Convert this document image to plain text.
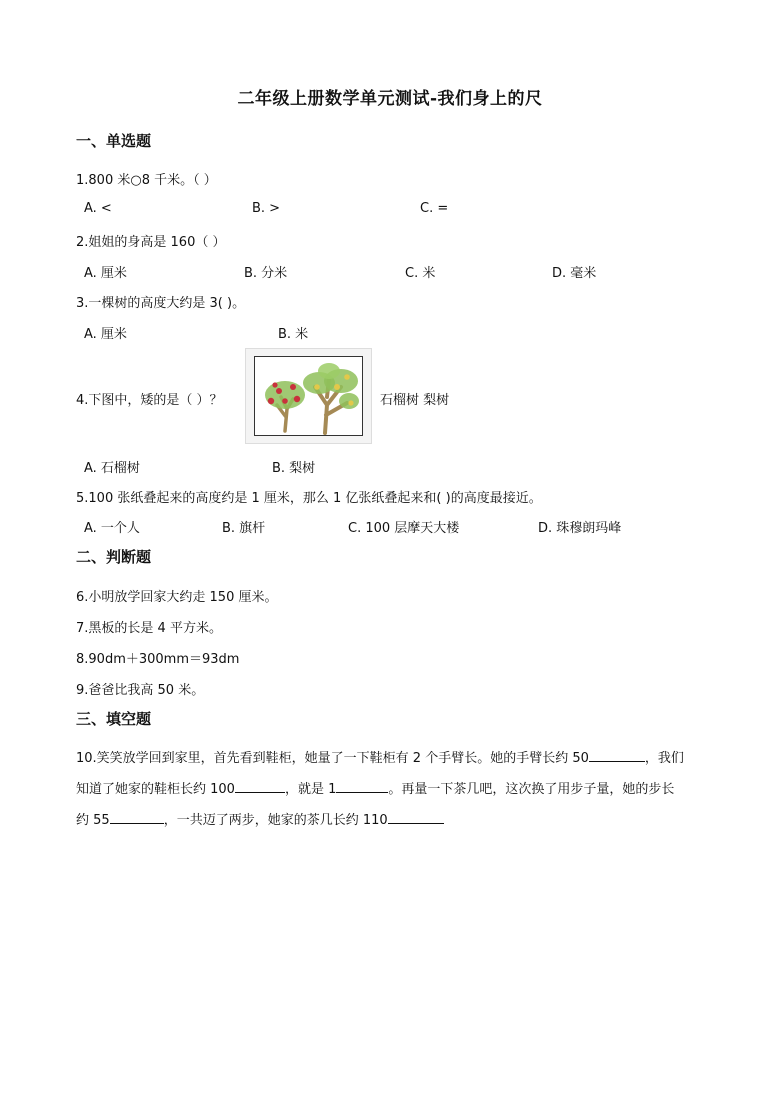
二年级上册数学单元测试-我们身上的尺
一、单选题
1.800 米○8 千米。（ ）
A. <	B. >	C. =
2.姐姐的身高是 160（ ）
A. 厘米	B. 分米	C. 米	D. 毫米
3.一棵树的高度大约是 3( )。
A. 厘米	B. 米
4.下图中，矮的是（ ）？	石榴树 梨树
A. 石榴树	B. 梨树
5.100 张纸叠起来的高度约是 1 厘米，那么 1 亿张纸叠起来和( )的高度最接近。
A. 一个人	B. 旗杆	C. 100 层摩天大楼	D. 珠穆朗玛峰
二、判断题
6.小明放学回家大约走 150 厘米。
7.黑板的长是 4 平方米。
8.90dm＋300mm＝93dm
9.爸爸比我高 50 米。
三、填空题
10.笑笑放学回到家里，首先看到鞋柜，她量了一下鞋柜有 2 个手臂长。她的手臂长约 50	，我们
知道了她家的鞋柜长约 100	，就是 1	。再量一下茶几吧，这次换了用步子量，她的步长
约 55	，一共迈了两步，她家的茶几长约 110
